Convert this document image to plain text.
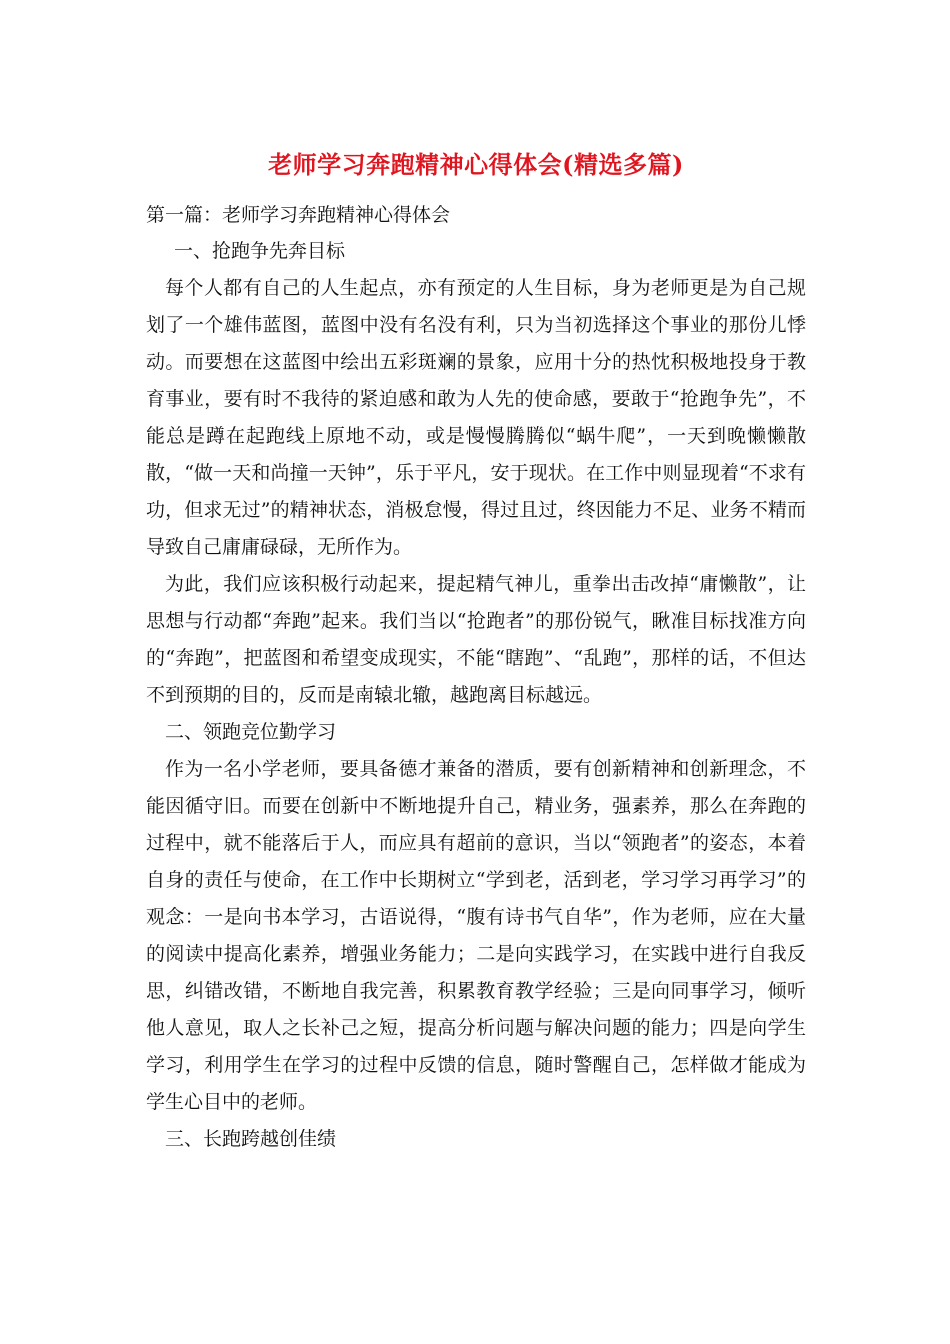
老师学习奔跑精神心得体会(精选多篇)

第一篇：老师学习奔跑精神心得体会

一、抢跑争先奔目标

每个人都有自己的人生起点，亦有预定的人生目标，身为老师更是为自己规划了一个雄伟蓝图，蓝图中没有名没有利，只为当初选择这个事业的那份儿悸动。而要想在这蓝图中绘出五彩斑斓的景象，应用十分的热忱积极地投身于教育事业，要有时不我待的紧迫感和敢为人先的使命感，要敢于“抢跑争先”，不能总是蹲在起跑线上原地不动，或是慢慢腾腾似“蜗牛爬”，一天到晚懒懒散散，“做一天和尚撞一天钟”，乐于平凡，安于现状。在工作中则显现着“不求有功，但求无过”的精神状态，消极怠慢，得过且过，终因能力不足、业务不精而导致自己庸庸碌碌，无所作为。

为此，我们应该积极行动起来，提起精气神儿，重拳出击改掉“庸懒散”，让思想与行动都“奔跑”起来。我们当以“抢跑者”的那份锐气，瞅准目标找准方向的“奔跑”，把蓝图和希望变成现实，不能“瞎跑”、“乱跑”，那样的话，不但达不到预期的目的，反而是南辕北辙，越跑离目标越远。

二、领跑竞位勤学习

作为一名小学老师，要具备德才兼备的潜质，要有创新精神和创新理念，不能因循守旧。而要在创新中不断地提升自己，精业务，强素养，那么在奔跑的过程中，就不能落后于人，而应具有超前的意识，当以“领跑者”的姿态，本着自身的责任与使命，在工作中长期树立“学到老，活到老，学习学习再学习”的观念：一是向书本学习，古语说得，“腹有诗书气自华”，作为老师，应在大量的阅读中提高化素养，增强业务能力；二是向实践学习，在实践中进行自我反思，纠错改错，不断地自我完善，积累教育教学经验；三是向同事学习，倾听他人意见，取人之长补己之短，提高分析问题与解决问题的能力；四是向学生学习，利用学生在学习的过程中反馈的信息，随时警醒自己，怎样做才能成为学生心目中的老师。

三、长跑跨越创佳绩
